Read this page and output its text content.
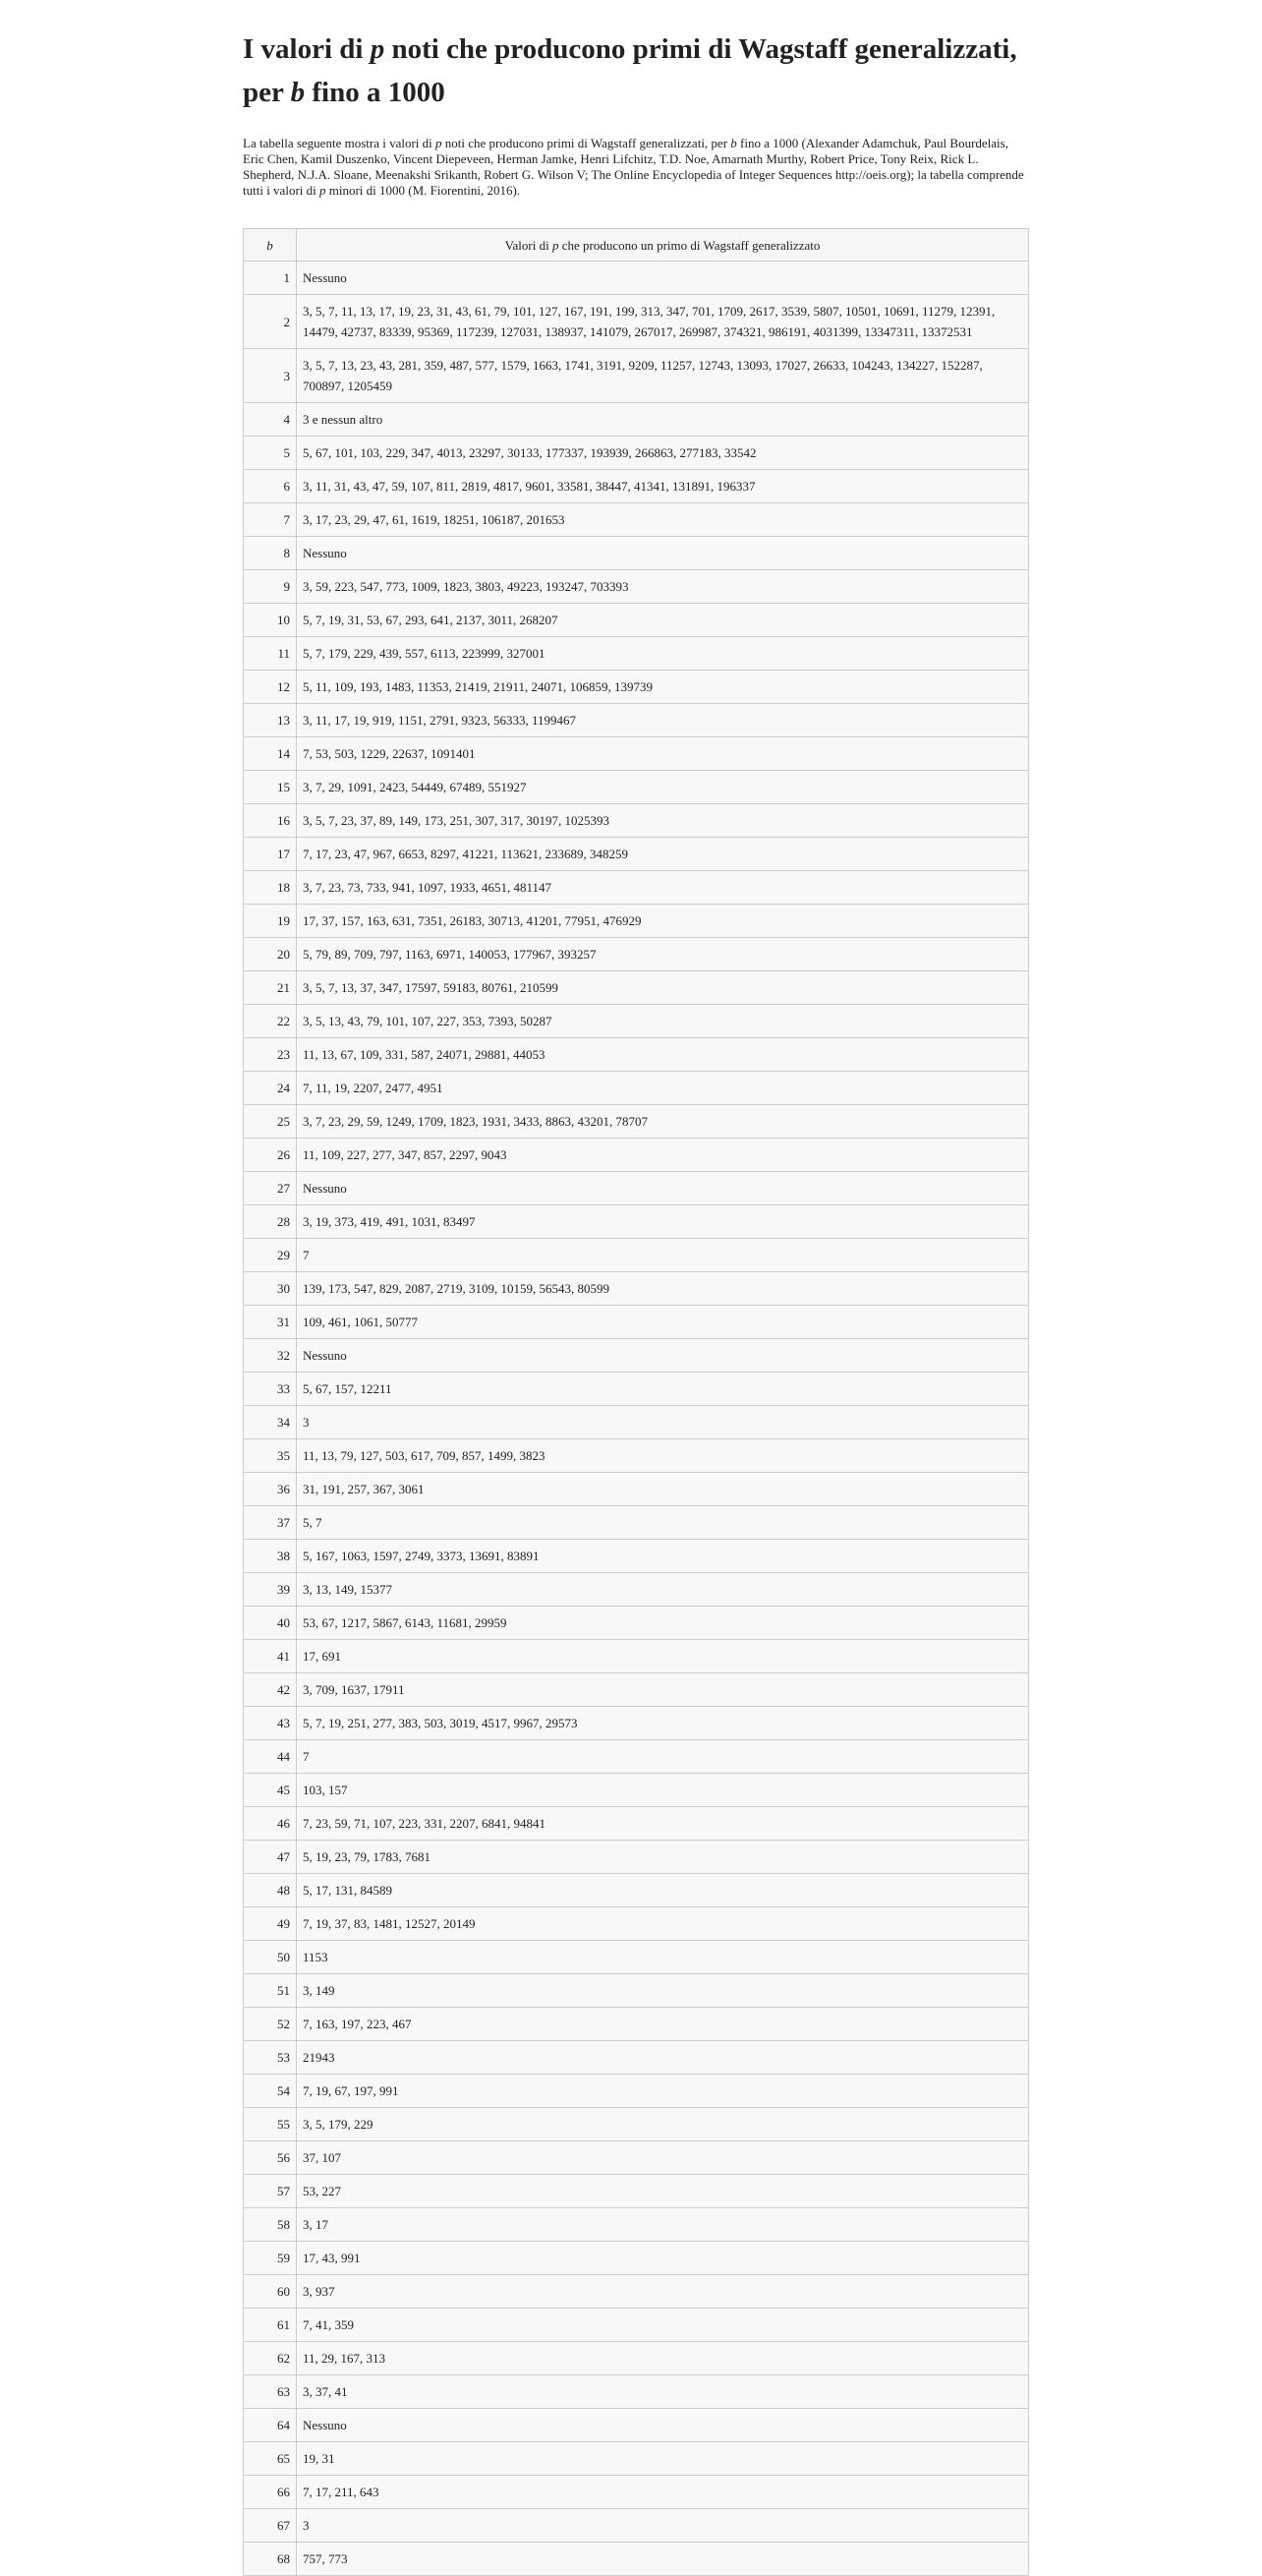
I valori di p noti che producono primi di Wagstaff generalizzati, per b fino a 1000

La tabella seguente mostra i valori di p noti che producono primi di Wagstaff generalizzati, per b fino a 1000 (Alexander Adamchuk, Paul Bourdelais, Eric Chen, Kamil Duszenko, Vincent Diepeveen, Herman Jamke, Henri Lifchitz, T.D. Noe, Amarnath Murthy, Robert Price, Tony Reix, Rick L. Shepherd, N.J.A. Sloane, Meenakshi Srikanth, Robert G. Wilson V; The Online Encyclopedia of Integer Sequences http://oeis.org); la tabella comprende tutti i valori di p minori di 1000 (M. Fiorentini, 2016).

b	Valori di p che producono un primo di Wagstaff generalizzato
1	Nessuno
2	3, 5, 7, 11, 13, 17, 19, 23, 31, 43, 61, 79, 101, 127, 167, 191, 199, 313, 347, 701, 1709, 2617, 3539, 5807, 10501, 10691, 11279, 12391, 14479, 42737, 83339, 95369, 117239, 127031, 138937, 141079, 267017, 269987, 374321, 986191, 4031399, 13347311, 13372531
3	3, 5, 7, 13, 23, 43, 281, 359, 487, 577, 1579, 1663, 1741, 3191, 9209, 11257, 12743, 13093, 17027, 26633, 104243, 134227, 152287, 700897, 1205459
4	3 e nessun altro
5	5, 67, 101, 103, 229, 347, 4013, 23297, 30133, 177337, 193939, 266863, 277183, 33542
6	3, 11, 31, 43, 47, 59, 107, 811, 2819, 4817, 9601, 33581, 38447, 41341, 131891, 196337
7	3, 17, 23, 29, 47, 61, 1619, 18251, 106187, 201653
8	Nessuno
9	3, 59, 223, 547, 773, 1009, 1823, 3803, 49223, 193247, 703393
10	5, 7, 19, 31, 53, 67, 293, 641, 2137, 3011, 268207
11	5, 7, 179, 229, 439, 557, 6113, 223999, 327001
12	5, 11, 109, 193, 1483, 11353, 21419, 21911, 24071, 106859, 139739
13	3, 11, 17, 19, 919, 1151, 2791, 9323, 56333, 1199467
14	7, 53, 503, 1229, 22637, 1091401
15	3, 7, 29, 1091, 2423, 54449, 67489, 551927
16	3, 5, 7, 23, 37, 89, 149, 173, 251, 307, 317, 30197, 1025393
17	7, 17, 23, 47, 967, 6653, 8297, 41221, 113621, 233689, 348259
18	3, 7, 23, 73, 733, 941, 1097, 1933, 4651, 481147
19	17, 37, 157, 163, 631, 7351, 26183, 30713, 41201, 77951, 476929
20	5, 79, 89, 709, 797, 1163, 6971, 140053, 177967, 393257
21	3, 5, 7, 13, 37, 347, 17597, 59183, 80761, 210599
22	3, 5, 13, 43, 79, 101, 107, 227, 353, 7393, 50287
23	11, 13, 67, 109, 331, 587, 24071, 29881, 44053
24	7, 11, 19, 2207, 2477, 4951
25	3, 7, 23, 29, 59, 1249, 1709, 1823, 1931, 3433, 8863, 43201, 78707
26	11, 109, 227, 277, 347, 857, 2297, 9043
27	Nessuno
28	3, 19, 373, 419, 491, 1031, 83497
29	7
30	139, 173, 547, 829, 2087, 2719, 3109, 10159, 56543, 80599
31	109, 461, 1061, 50777
32	Nessuno
33	5, 67, 157, 12211
34	3
35	11, 13, 79, 127, 503, 617, 709, 857, 1499, 3823
36	31, 191, 257, 367, 3061
37	5, 7
38	5, 167, 1063, 1597, 2749, 3373, 13691, 83891
39	3, 13, 149, 15377
40	53, 67, 1217, 5867, 6143, 11681, 29959
41	17, 691
42	3, 709, 1637, 17911
43	5, 7, 19, 251, 277, 383, 503, 3019, 4517, 9967, 29573
44	7
45	103, 157
46	7, 23, 59, 71, 107, 223, 331, 2207, 6841, 94841
47	5, 19, 23, 79, 1783, 7681
48	5, 17, 131, 84589
49	7, 19, 37, 83, 1481, 12527, 20149
50	1153
51	3, 149
52	7, 163, 197, 223, 467
53	21943
54	7, 19, 67, 197, 991
55	3, 5, 179, 229
56	37, 107
57	53, 227
58	3, 17
59	17, 43, 991
60	3, 937
61	7, 41, 359
62	11, 29, 167, 313
63	3, 37, 41
64	Nessuno
65	19, 31
66	7, 17, 211, 643
67	3
68	757, 773
